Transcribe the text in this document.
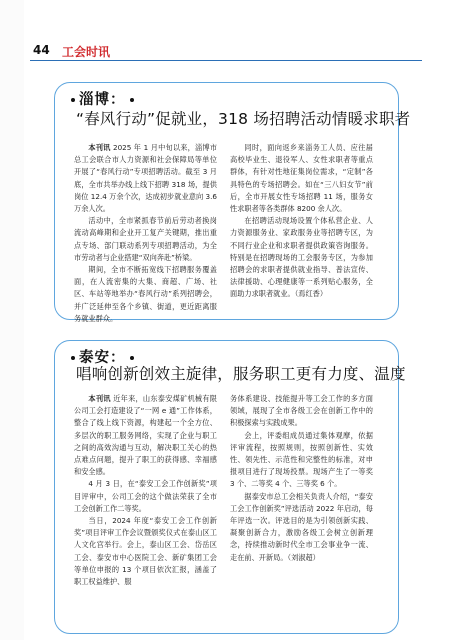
44 工会时讯
淄博：
“春风行动”促就业，318 场招聘活动情暖求职者

本刊讯 2025 年 1 月中旬以来，淄博市总工会联合市人力资源和社会保障局等单位开展了“春风行动”专项招聘活动。截至 3 月底，全市共举办线上线下招聘 318 场，提供岗位 12.4 万余个次，达成初步就业意向 3.6 万余人次。

活动中，全市紧抓春节前后劳动者换岗流动高峰期和企业开工复产关键期，推出重点专场、部门联动系列专项招聘活动，为全市劳动者与企业搭建“双向奔赴”桥梁。

期间，全市不断拓宽线下招聘服务覆盖面，在人流密集的大集、商超、广场、社区、车站等地举办“春风行动”系列招聘会，并广泛延伸至各个乡镇、街道，更近距离服务就业群众。

同时，面向返乡来淄务工人员、应往届高校毕业生、退役军人、女性求职者等重点群体，有针对性地征集岗位需求，“定制”各具特色的专场招聘会。如在“三八妇女节”前后，全市开展女性专场招聘 11 场，服务女性求职者等各类群体 8200 余人次。

在招聘活动现场设置个体私营企业、人力资源服务业、家政服务业等招聘专区，为不同行业企业和求职者提供政策咨询服务。特别是在招聘现场的工会服务专区，为参加招聘会的求职者提供就业指导、普法宣传、法律援助、心理健康等一系列贴心服务，全面助力求职者就业。（焉红香）

泰安：
唱响创新创效主旋律，服务职工更有力度、温度

本刊讯 近年来，山东泰安煤矿机械有限公司工会打造建设了“一网 e 通”工作体系，整合了线上线下资源，构建起一个全方位、多层次的职工服务网络，实现了企业与职工之间的高效沟通与互动，解决职工关心的热点难点问题，提升了职工的获得感、幸福感和安全感。

4 月 3 日，在“泰安工会工作创新奖”项目评审中，公司工会的这个做法荣获了全市工会创新工作二等奖。

当日，2024 年度“泰安工会工作创新奖”项目评审工作会议暨颁奖仪式在泰山区工人文化宫举行。会上，泰山区工会、岱岳区工会、泰安市中心医院工会、新矿集团工会等单位申报的 13 个项目依次汇报，涵盖了职工权益维护、服

务体系建设、技能提升等工会工作的多方面领域，展现了全市各级工会在创新工作中的积极探索与实践成果。

会上，评委组成员通过集体观摩，依据评审流程，按照规则，按照创新性、实效性、领先性、示范性和完整性的标准，对申报项目进行了现场投票。现场产生了一等奖 3 个、二等奖 4 个、三等奖 6 个。

据泰安市总工会相关负责人介绍，“泰安工会工作创新奖”评选活动 2022 年启动，每年评选一次。评选目的是为引领创新实践、凝聚创新合力，激励各级工会树立创新理念，持续推动新时代全市工会事业争一流、走在前、开新局。（刘淑超）
